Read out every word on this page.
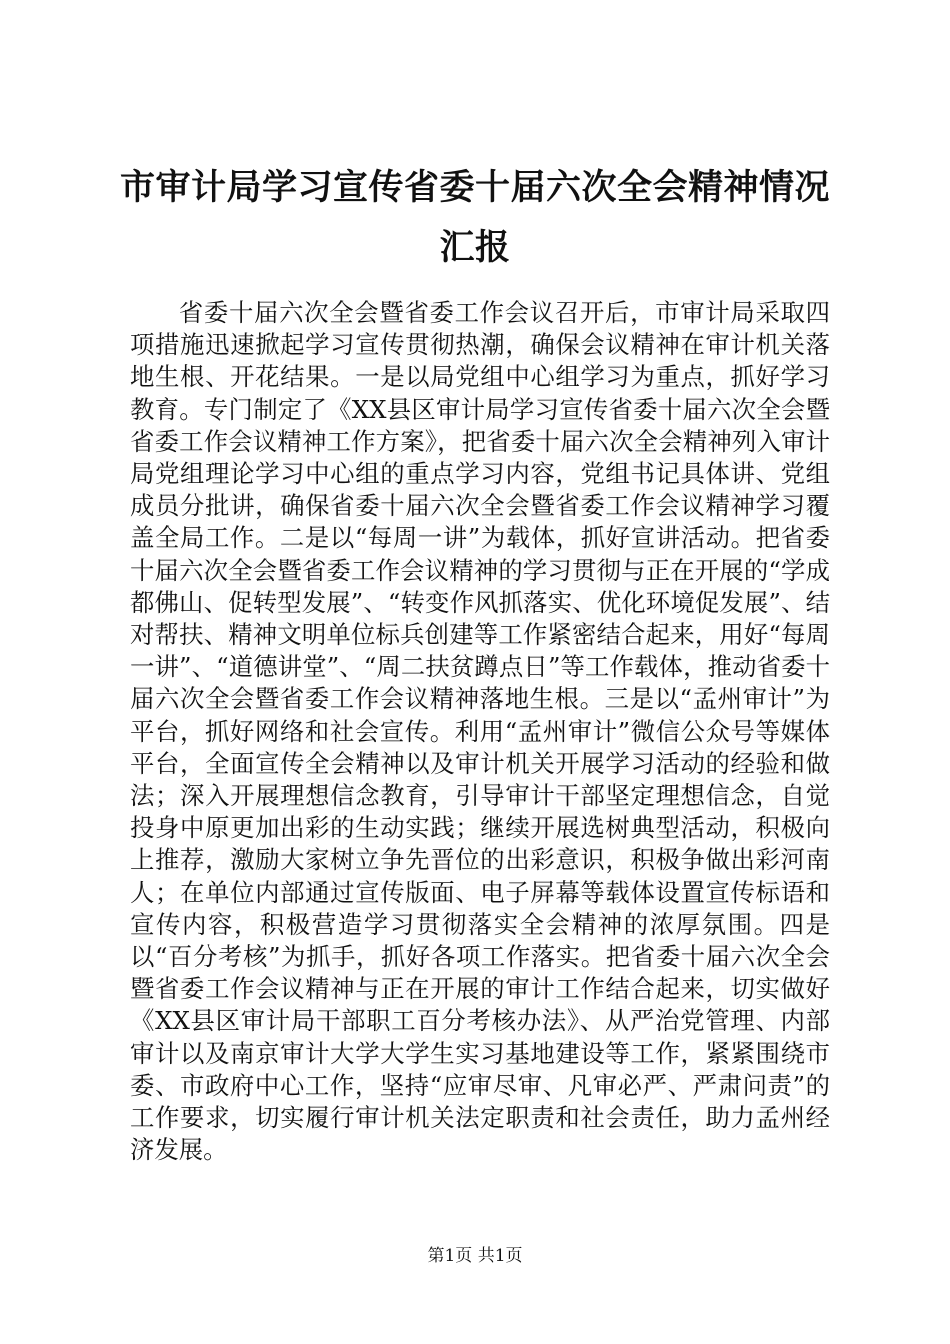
市审计局学习宣传省委十届六次全会精神情况
汇报

省委十届六次全会暨省委工作会议召开后，市审计局采取四项措施迅速掀起学习宣传贯彻热潮，确保会议精神在审计机关落地生根、开花结果。一是以局党组中心组学习为重点，抓好学习教育。专门制定了《XX县区审计局学习宣传省委十届六次全会暨省委工作会议精神工作方案》，把省委十届六次全会精神列入审计局党组理论学习中心组的重点学习内容，党组书记具体讲、党组成员分批讲，确保省委十届六次全会暨省委工作会议精神学习覆盖全局工作。二是以“每周一讲”为载体，抓好宣讲活动。把省委十届六次全会暨省委工作会议精神的学习贯彻与正在开展的“学成都佛山、促转型发展”、“转变作风抓落实、优化环境促发展”、结对帮扶、精神文明单位标兵创建等工作紧密结合起来，用好“每周一讲”、“道德讲堂”、“周二扶贫蹲点日”等工作载体，推动省委十届六次全会暨省委工作会议精神落地生根。三是以“孟州审计”为平台，抓好网络和社会宣传。利用“孟州审计”微信公众号等媒体平台，全面宣传全会精神以及审计机关开展学习活动的经验和做法；深入开展理想信念教育，引导审计干部坚定理想信念，自觉投身中原更加出彩的生动实践；继续开展选树典型活动，积极向上推荐，激励大家树立争先晋位的出彩意识，积极争做出彩河南人；在单位内部通过宣传版面、电子屏幕等载体设置宣传标语和宣传内容，积极营造学习贯彻落实全会精神的浓厚氛围。四是以“百分考核”为抓手，抓好各项工作落实。把省委十届六次全会暨省委工作会议精神与正在开展的审计工作结合起来，切实做好《XX县区审计局干部职工百分考核办法》、从严治党管理、内部审计以及南京审计大学大学生实习基地建设等工作，紧紧围绕市委、市政府中心工作，坚持“应审尽审、凡审必严、严肃问责”的工作要求，切实履行审计机关法定职责和社会责任，助力孟州经济发展。

第1页 共1页
